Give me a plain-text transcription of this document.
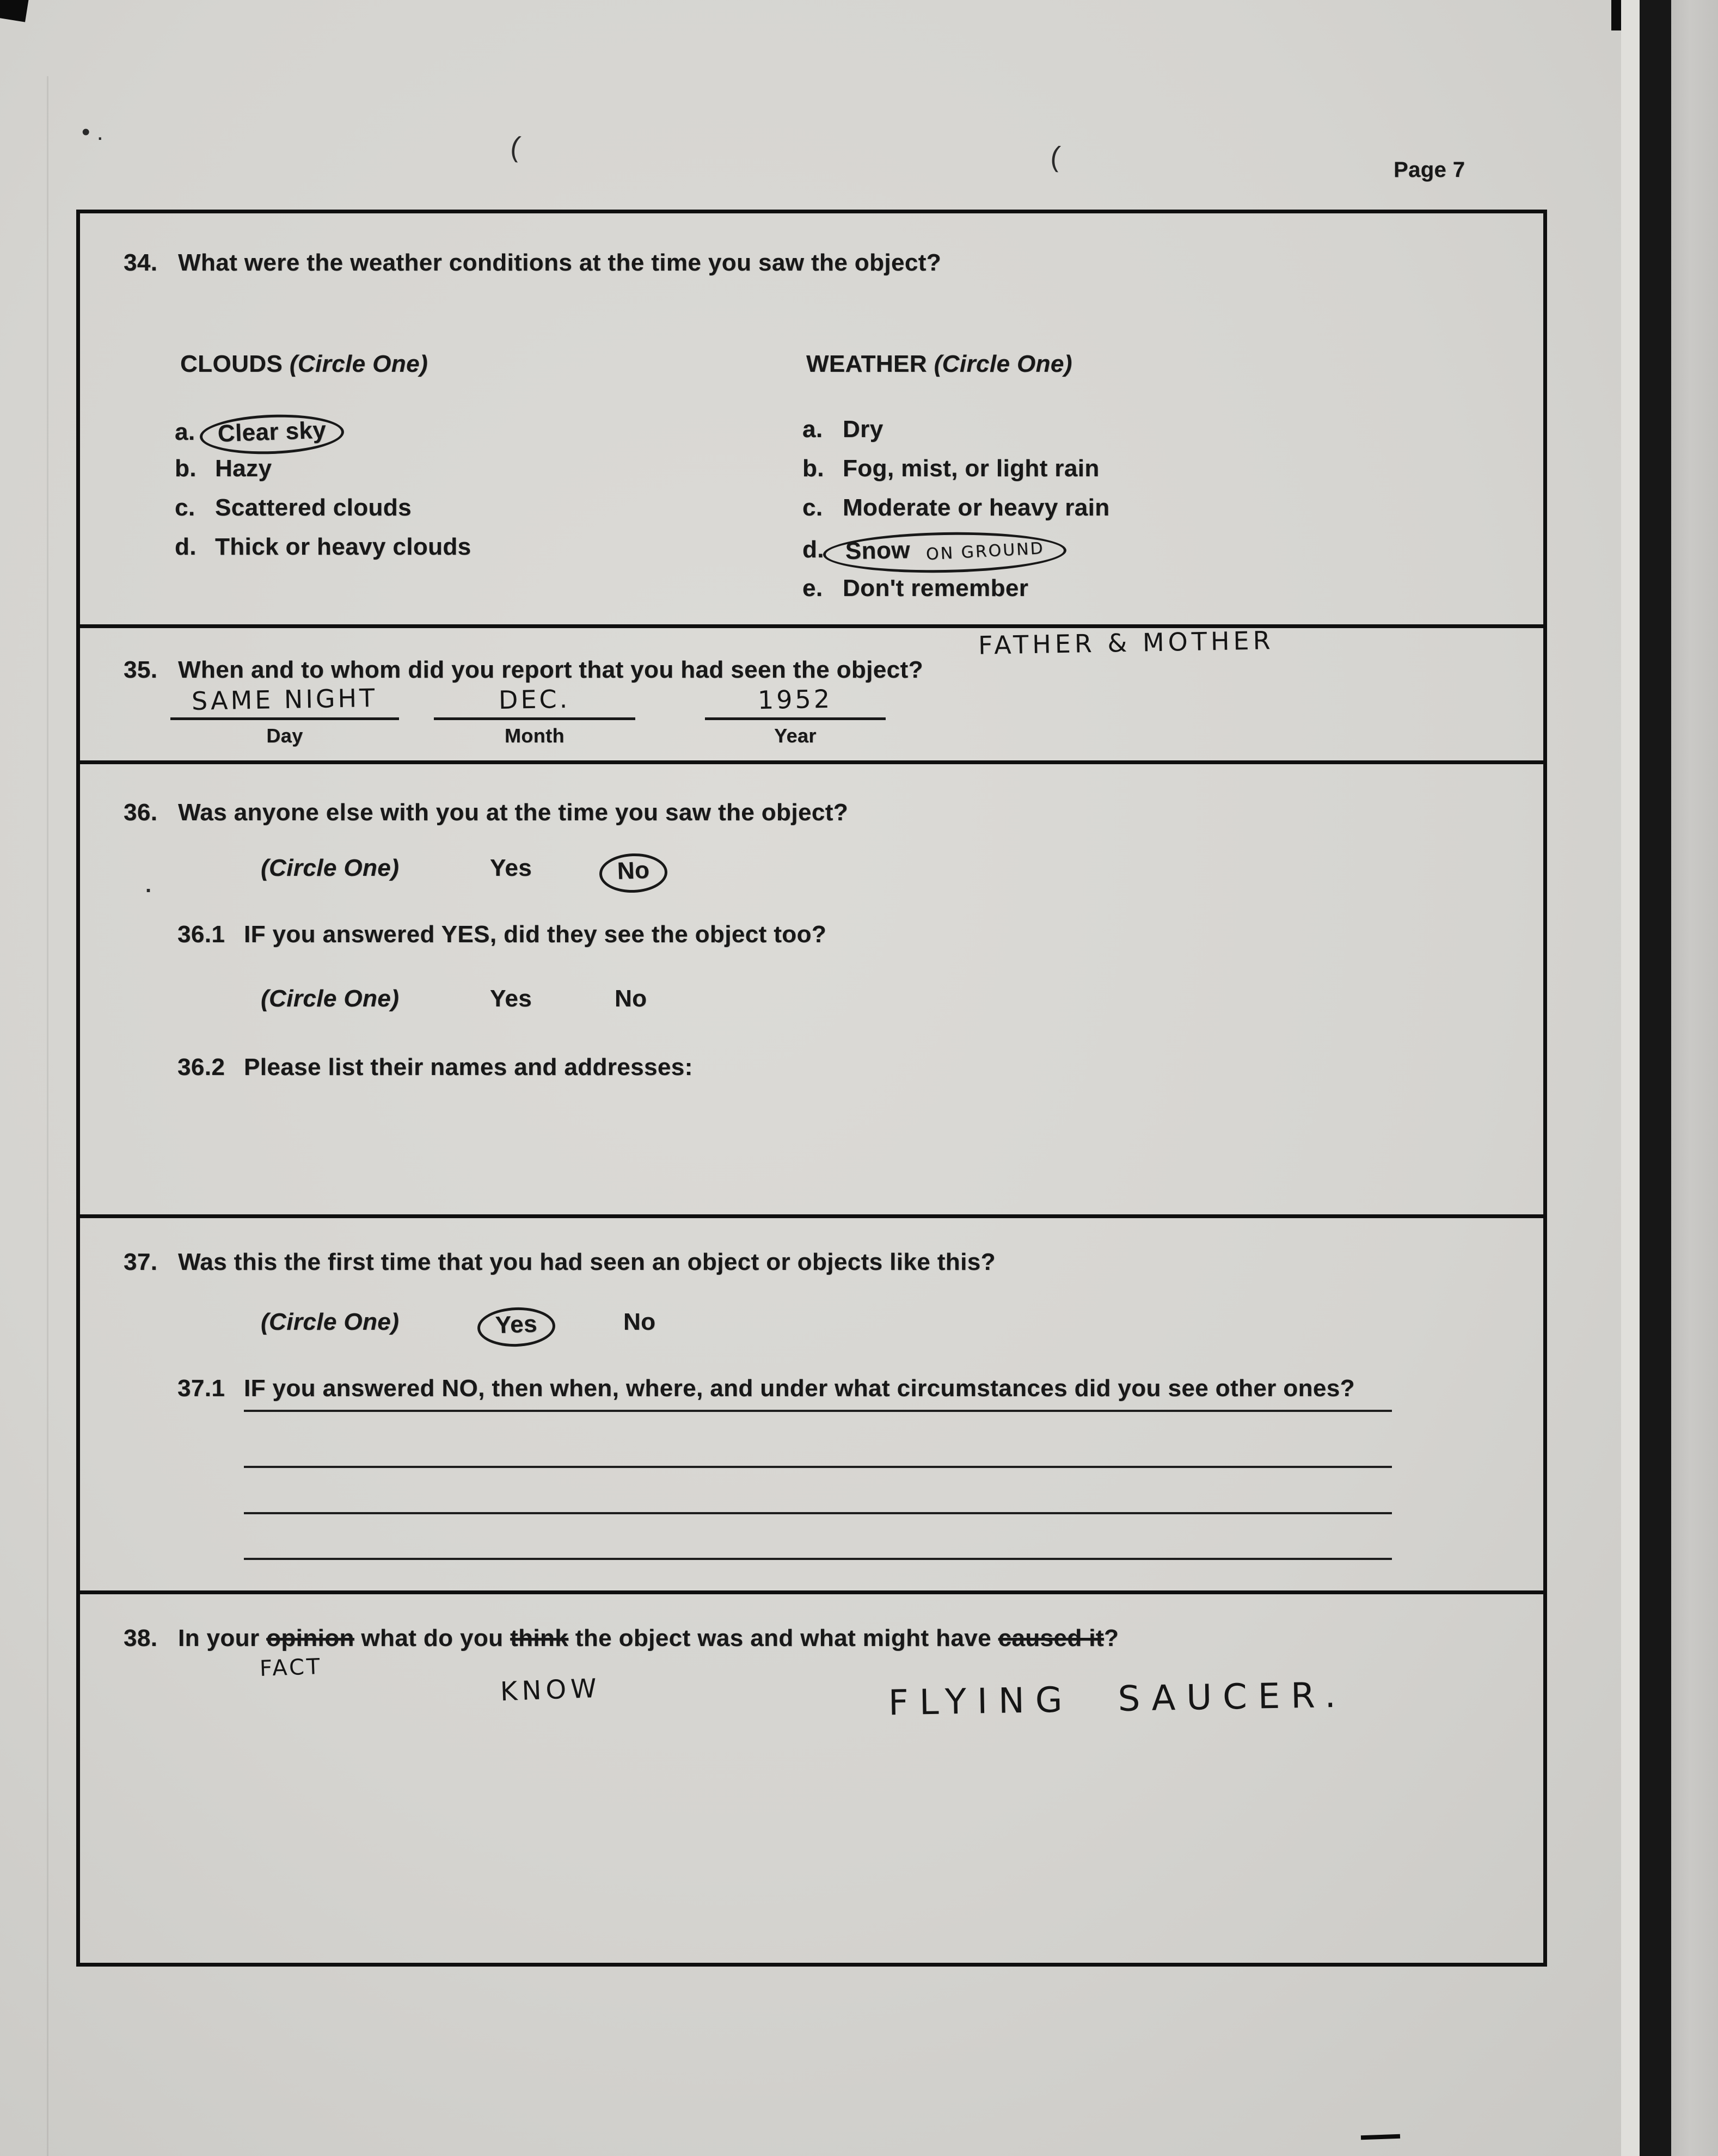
• .	(	(	Page 7
34. What were the weather conditions at the time you saw the object?
CLOUDS (Circle One)	WEATHER (Circle One)
a. Clear sky
b. Hazy
c. Scattered clouds
d. Thick or heavy clouds
a. Dry
b. Fog, mist, or light rain
c. Moderate or heavy rain
d. Snow ON GROUND
e. Don't remember
FATHER & MOTHER
35. When and to whom did you report that you had seen the object?
SAME NIGHT
Day
DEC.
Month
1952
Year
36. Was anyone else with you at the time you saw the object?
.
(Circle One)	Yes	No
36.1 IF you answered YES, did they see the object too?
(Circle One)	Yes	No
36.2 Please list their names and addresses:
37. Was this the first time that you had seen an object or objects like this?
(Circle One)	Yes	No
37.1 IF you answered NO, then when, where, and under what circumstances did you see other ones?
38. In your opinion what do you think the object was and what might have caused it?
FACT
KNOW	FLYING SAUCER.
